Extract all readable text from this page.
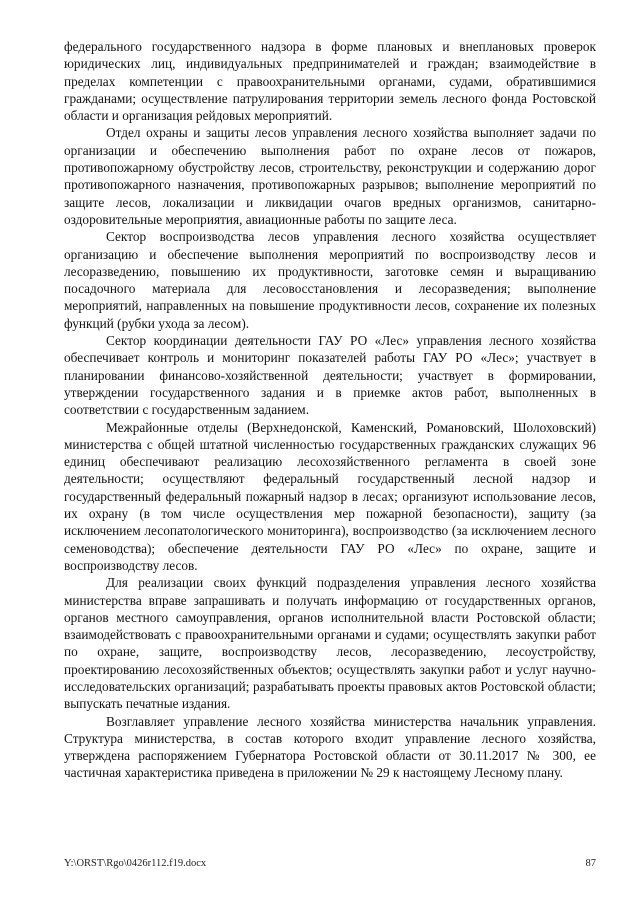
федерального государственного надзора в форме плановых и внеплановых проверок юридических лиц, индивидуальных предпринимателей и граждан; взаимодействие в пределах компетенции с правоохранительными органами, судами, обратившимися гражданами; осуществление патрулирования территории земель лесного фонда Ростовской области и организация рейдовых мероприятий.

Отдел охраны и защиты лесов управления лесного хозяйства выполняет задачи по организации и обеспечению выполнения работ по охране лесов от пожаров, противопожарному обустройству лесов, строительству, реконструкции и содержанию дорог противопожарного назначения, противопожарных разрывов; выполнение мероприятий по защите лесов, локализации и ликвидации очагов вредных организмов, санитарно-оздоровительные мероприятия, авиационные работы по защите леса.

Сектор воспроизводства лесов управления лесного хозяйства осуществляет организацию и обеспечение выполнения мероприятий по воспроизводству лесов и лесоразведению, повышению их продуктивности, заготовке семян и выращиванию посадочного материала для лесовосстановления и лесоразведения; выполнение мероприятий, направленных на повышение продуктивности лесов, сохранение их полезных функций (рубки ухода за лесом).

Сектор координации деятельности ГАУ РО «Лес» управления лесного хозяйства обеспечивает контроль и мониторинг показателей работы ГАУ РО «Лес»; участвует в планировании финансово-хозяйственной деятельности; участвует в формировании, утверждении государственного задания и в приемке актов работ, выполненных в соответствии с государственным заданием.

Межрайонные отделы (Верхнедонской, Каменский, Романовский, Шолоховский) министерства с общей штатной численностью государственных гражданских служащих 96 единиц обеспечивают реализацию лесохозяйственного регламента в своей зоне деятельности; осуществляют федеральный государственный лесной надзор и государственный федеральный пожарный надзор в лесах; организуют использование лесов, их охрану (в том числе осуществления мер пожарной безопасности), защиту (за исключением лесопатологического мониторинга), воспроизводство (за исключением лесного семеноводства); обеспечение деятельности ГАУ РО «Лес» по охране, защите и воспроизводству лесов.

Для реализации своих функций подразделения управления лесного хозяйства министерства вправе запрашивать и получать информацию от государственных органов, органов местного самоуправления, органов исполнительной власти Ростовской области; взаимодействовать с правоохранительными органами и судами; осуществлять закупки работ по охране, защите, воспроизводству лесов, лесоразведению, лесоустройству, проектированию лесохозяйственных объектов; осуществлять закупки работ и услуг научно-исследовательских организаций; разрабатывать проекты правовых актов Ростовской области; выпускать печатные издания.

Возглавляет управление лесного хозяйства министерства начальник управления. Структура министерства, в состав которого входит управление лесного хозяйства, утверждена распоряжением Губернатора Ростовской области от 30.11.2017 № 300, ее частичная характеристика приведена в приложении № 29 к настоящему Лесному плану.

Y:\ORST\Rgo\0426r112.f19.docx	87
